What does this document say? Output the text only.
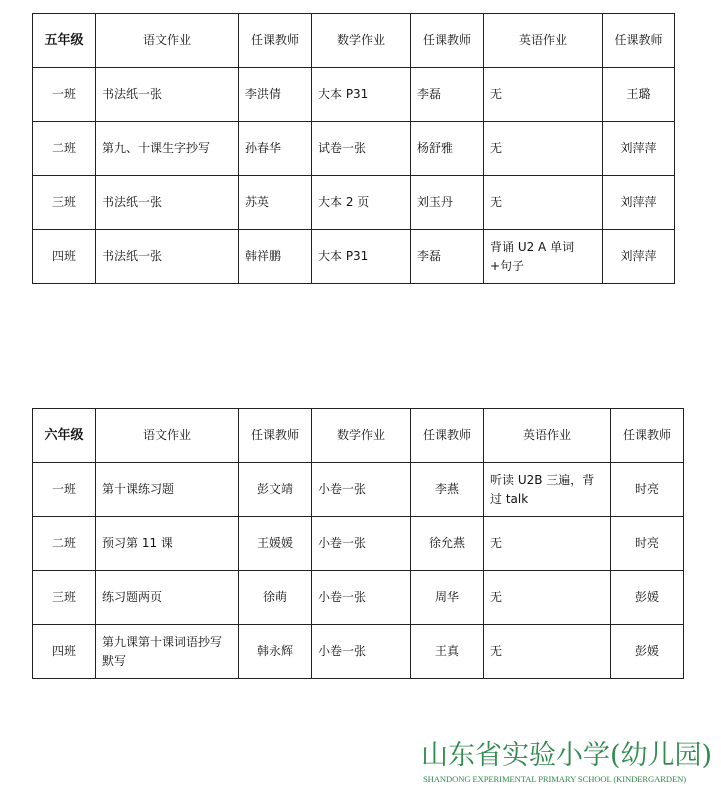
五年级	语文作业	任课教师	数学作业	任课教师	英语作业	任课教师
一班	书法纸一张	李洪倩	大本 P31	李磊	无	王璐
二班	第九、十课生字抄写	孙春华	试卷一张	杨舒雅	无	刘萍萍
三班	书法纸一张	苏英	大本 2 页	刘玉丹	无	刘萍萍
四班	书法纸一张	韩祥鹏	大本 P31	李磊	背诵 U2 A 单词+句子	刘萍萍
六年级	语文作业	任课教师	数学作业	任课教师	英语作业	任课教师
一班	第十课练习题	彭文靖	小卷一张	李燕	听读 U2B 三遍，背过 talk	时亮
二班	预习第 11 课	王媛媛	小卷一张	徐允燕	无	时亮
三班	练习题两页	徐萌	小卷一张	周华	无	彭媛
四班	第九课第十课词语抄写默写	韩永辉	小卷一张	王真	无	彭媛
山东省实验小学(幼儿园)
SHANDONG EXPERIMENTAL PRIMARY SCHOOL (KINDERGARDEN)
